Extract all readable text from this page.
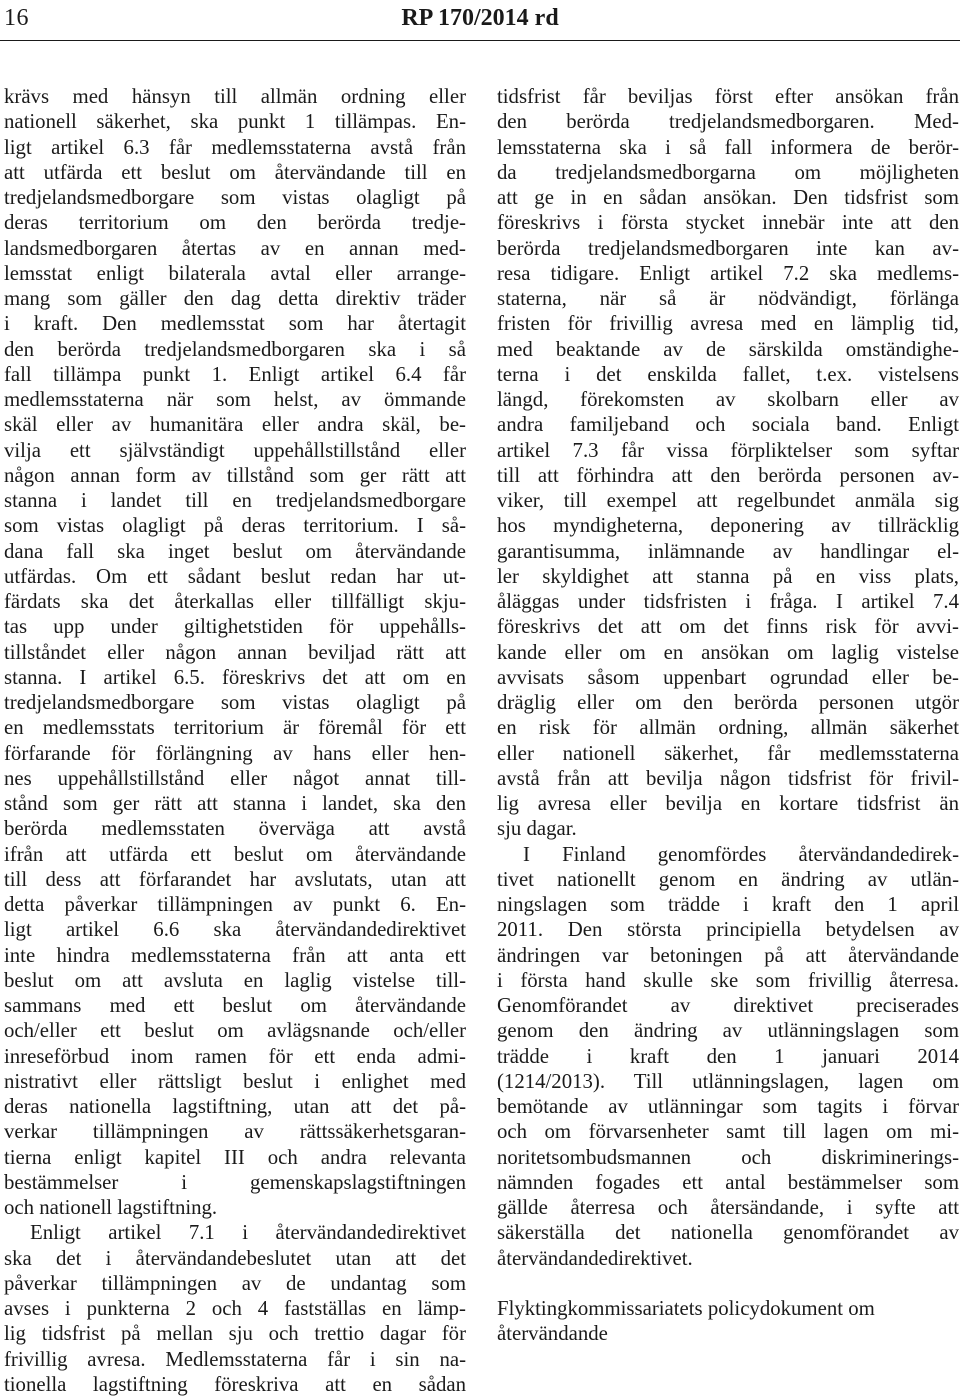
16	RP 170/2014 rd
krävs med hänsyn till allmän ordning eller
nationell säkerhet, ska punkt 1 tillämpas. En-
ligt artikel 6.3 får medlemsstaterna avstå från
att utfärda ett beslut om återvändande till en
tredjelandsmedborgare som vistas olagligt på
deras territorium om den berörda tredje-
landsmedborgaren återtas av en annan med-
lemsstat enligt bilaterala avtal eller arrange-
mang som gäller den dag detta direktiv träder
i kraft. Den medlemsstat som har återtagit
den berörda tredjelandsmedborgaren ska i så
fall tillämpa punkt 1. Enligt artikel 6.4 får
medlemsstaterna när som helst, av ömmande
skäl eller av humanitära eller andra skäl, be-
vilja ett självständigt uppehållstillstånd eller
någon annan form av tillstånd som ger rätt att
stanna i landet till en tredjelandsmedborgare
som vistas olagligt på deras territorium. I så-
dana fall ska inget beslut om återvändande
utfärdas. Om ett sådant beslut redan har ut-
färdats ska det återkallas eller tillfälligt skju-
tas upp under giltighetstiden för uppehålls-
tillståndet eller någon annan beviljad rätt att
stanna. I artikel 6.5. föreskrivs det att om en
tredjelandsmedborgare som vistas olagligt på
en medlemsstats territorium är föremål för ett
förfarande för förlängning av hans eller hen-
nes uppehållstillstånd eller något annat till-
stånd som ger rätt att stanna i landet, ska den
berörda medlemsstaten överväga att avstå
ifrån att utfärda ett beslut om återvändande
till dess att förfarandet har avslutats, utan att
detta påverkar tillämpningen av punkt 6. En-
ligt artikel 6.6 ska återvändandedirektivet
inte hindra medlemsstaterna från att anta ett
beslut om att avsluta en laglig vistelse till-
sammans med ett beslut om återvändande
och/eller ett beslut om avlägsnande och/eller
inreseförbud inom ramen för ett enda admi-
nistrativt eller rättsligt beslut i enlighet med
deras nationella lagstiftning, utan att det på-
verkar tillämpningen av rättssäkerhetsgaran-
tierna enligt kapitel III och andra relevanta
bestämmelser i gemenskapslagstiftningen
och nationell lagstiftning.
Enligt artikel 7.1 i återvändandedirektivet
ska det i återvändandebeslutet utan att det
påverkar tillämpningen av de undantag som
avses i punkterna 2 och 4 fastställas en lämp-
lig tidsfrist på mellan sju och trettio dagar för
frivillig avresa. Medlemsstaterna får i sin na-
tionella lagstiftning föreskriva att en sådan
tidsfrist får beviljas först efter ansökan från
den berörda tredjelandsmedborgaren. Med-
lemsstaterna ska i så fall informera de berör-
da tredjelandsmedborgarna om möjligheten
att ge in en sådan ansökan. Den tidsfrist som
föreskrivs i första stycket innebär inte att den
berörda tredjelandsmedborgaren inte kan av-
resa tidigare. Enligt artikel 7.2 ska medlems-
staterna, när så är nödvändigt, förlänga
fristen för frivillig avresa med en lämplig tid,
med beaktande av de särskilda omständighe-
terna i det enskilda fallet, t.ex. vistelsens
längd, förekomsten av skolbarn eller av
andra familjeband och sociala band. Enligt
artikel 7.3 får vissa förpliktelser som syftar
till att förhindra att den berörda personen av-
viker, till exempel att regelbundet anmäla sig
hos myndigheterna, deponering av tillräcklig
garantisumma, inlämnande av handlingar el-
ler skyldighet att stanna på en viss plats,
åläggas under tidsfristen i fråga. I artikel 7.4
föreskrivs det att om det finns risk för avvi-
kande eller om en ansökan om laglig vistelse
avvisats såsom uppenbart ogrundad eller be-
dräglig eller om den berörda personen utgör
en risk för allmän ordning, allmän säkerhet
eller nationell säkerhet, får medlemsstaterna
avstå från att bevilja någon tidsfrist för frivil-
lig avresa eller bevilja en kortare tidsfrist än
sju dagar.
I Finland genomfördes återvändandedirek-
tivet nationellt genom en ändring av utlän-
ningslagen som trädde i kraft den 1 april
2011. Den största principiella betydelsen av
ändringen var betoningen på att återvändande
i första hand skulle ske som frivillig återresa.
Genomförandet av direktivet preciserades
genom den ändring av utlänningslagen som
trädde i kraft den 1 januari 2014
(1214/2013). Till utlänningslagen, lagen om
bemötande av utlänningar som tagits i förvar
och om förvarsenheter samt till lagen om mi-
noritetsombudsmannen och diskriminerings-
nämnden fogades ett antal bestämmelser som
gällde återresa och återsändande, i syfte att
säkerställa det nationella genomförandet av
återvändandedirektivet.
Flyktingkommissariatets policydokument om
återvändande
